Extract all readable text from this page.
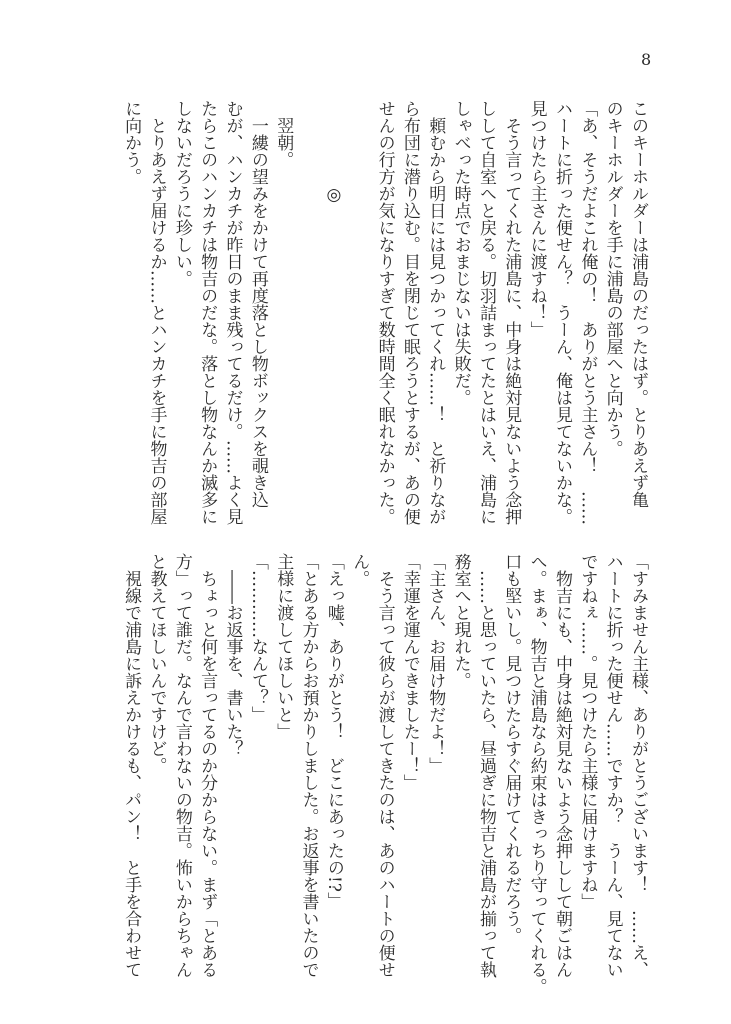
8
このキーホルダーは浦島のだったはず。とりあえず亀
のキーホルダーを手に浦島の部屋へと向かう。
「あ、そうだよこれ俺の！　ありがとう主さん！　……
ハートに折った便せん？　うーん、俺は見てないかな。
見つけたら主さんに渡すね！」
　そう言ってくれた浦島に、中身は絶対見ないよう念押
しして自室へと戻る。切羽詰まってたとはいえ、浦島に
しゃべった時点でおまじないは失敗だ。
　頼むから明日には見つかってくれ……！　と祈りなが
ら布団に潜り込む。目を閉じて眠ろうとするが、あの便
せんの行方が気になりすぎて数時間全く眠れなかった。
　　　　　◎
　翌朝。
　一縷の望みをかけて再度落とし物ボックスを覗き込
むが、ハンカチが昨日のまま残ってるだけ。……よく見
たらこのハンカチは物吉のだな。落とし物なんか滅多に
しないだろうに珍しい。
　とりあえず届けるか……とハンカチを手に物吉の部屋
に向かう。
「すみません主様、ありがとうございます！　……え、
ハートに折った便せん……ですか？　うーん、見てない
ですねぇ……。見つけたら主様に届けますね」
　物吉にも、中身は絶対見ないよう念押しして朝ごはん
へ。まぁ、物吉と浦島なら約束はきっちり守ってくれる。
口も堅いし。見つけたらすぐ届けてくれるだろう。
　……と思っていたら、昼過ぎに物吉と浦島が揃って執
務室へと現れた。
「主さん、お届け物だよ！」
「幸運を運んできましたー！」
　そう言って彼らが渡してきたのは、あのハートの便せ
ん。
「えっ嘘、ありがとう！　どこにあったの!?」
「とある方からお預かりしました。お返事を書いたので
主様に渡してほしいと」
「…………なんて？」
　――お返事を、書いた？
　ちょっと何を言ってるのか分からない。まず「とある
方」って誰だ。なんで言わないの物吉。怖いからちゃん
と教えてほしいんですけど。
　視線で浦島に訴えかけるも、パン！　と手を合わせて
